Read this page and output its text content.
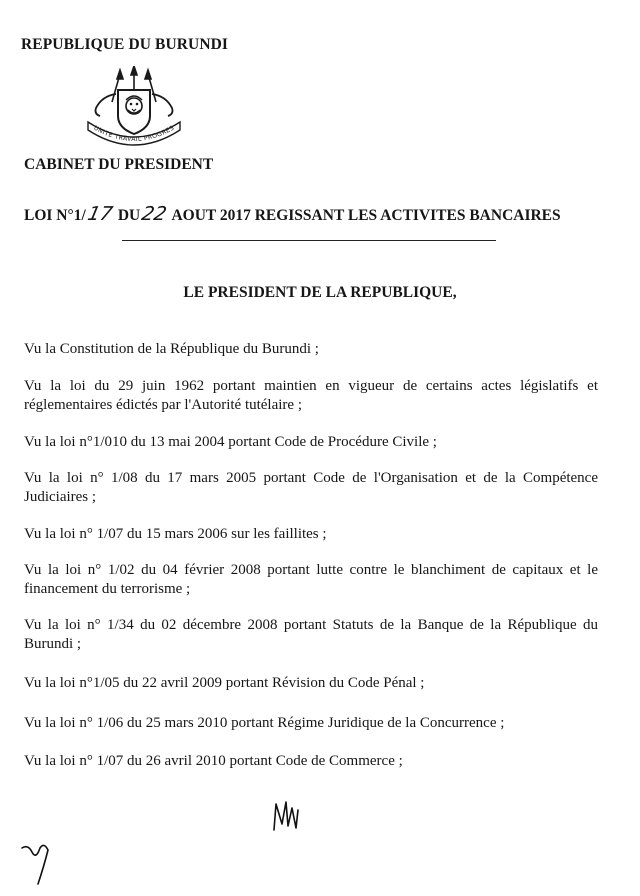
REPUBLIQUE DU BURUNDI
UNITE TRAVAIL PROGRES
CABINET DU PRESIDENT
LOI N°1/17 DU22 AOUT 2017 REGISSANT LES ACTIVITES BANCAIRES
LE PRESIDENT DE LA REPUBLIQUE,
Vu la Constitution de la République du Burundi ;
Vu la loi du 29 juin 1962 portant maintien en vigueur de certains actes législatifs et réglementaires édictés par l'Autorité tutélaire ;
Vu la loi n°1/010 du 13 mai 2004 portant Code de Procédure Civile ;
Vu la loi n° 1/08 du 17 mars 2005 portant Code de l'Organisation et de la Compétence Judiciaires ;
Vu la loi n° 1/07 du 15 mars 2006 sur les faillites ;
Vu la loi n° 1/02 du 04 février 2008 portant lutte contre le blanchiment de capitaux et le financement du terrorisme ;
Vu la loi n° 1/34 du 02 décembre 2008 portant Statuts de la Banque de la République du Burundi ;
Vu la loi n°1/05 du 22 avril 2009 portant Révision du Code Pénal ;
Vu la loi n° 1/06 du 25 mars 2010 portant Régime Juridique de la Concurrence ;
Vu la loi n° 1/07 du 26 avril 2010 portant Code de Commerce ;
